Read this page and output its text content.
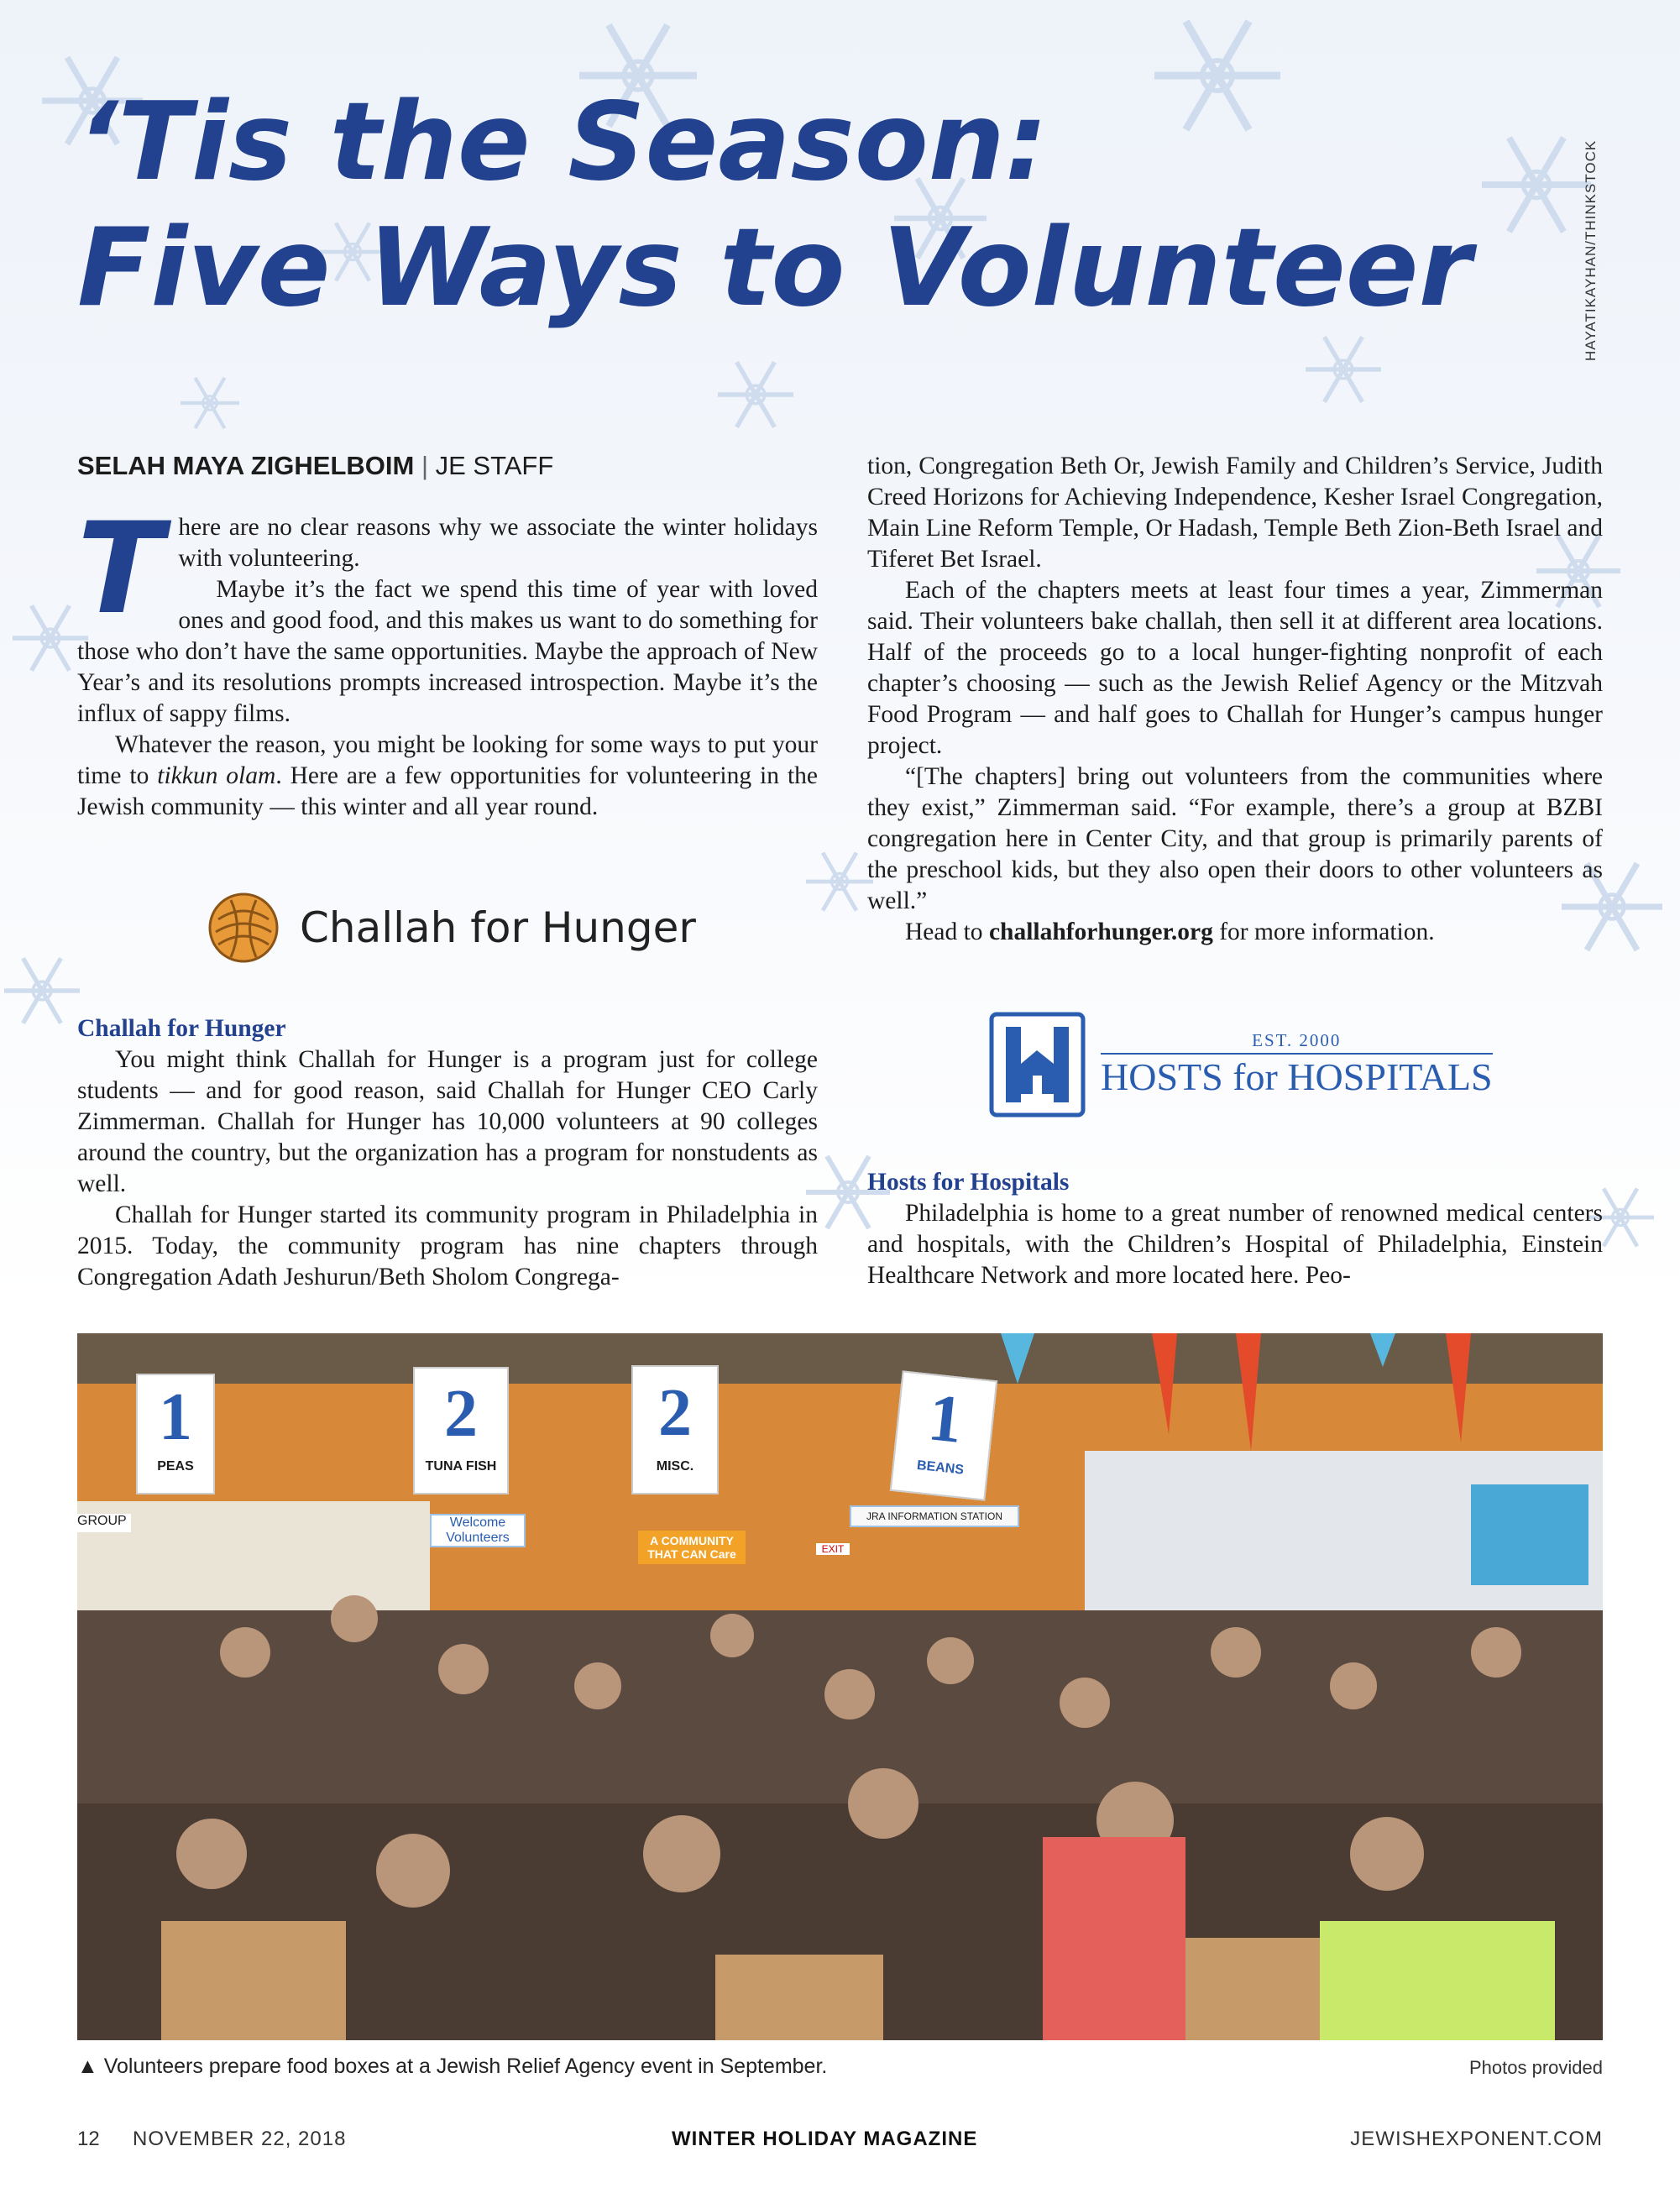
HAYATIKAYHAN/THINKSTOCK
‘Tis the Season:
Five Ways to Volunteer
SELAH MAYA ZIGHELBOIM | JE STAFF
T here are no clear reasons why we associate the winter holidays with volunteering.

Maybe it’s the fact we spend this time of year with loved ones and good food, and this makes us want to do something for those who don’t have the same opportunities. Maybe the approach of New Year’s and its resolutions prompts increased introspection. Maybe it’s the influx of sappy films.

Whatever the reason, you might be looking for some ways to put your time to tikkun olam. Here are a few opportunities for volunteering in the Jewish community — this winter and all year round.

Challah for Hunger

Challah for Hunger

You might think Challah for Hunger is a program just for college students — and for good reason, said Challah for Hunger CEO Carly Zimmerman. Challah for Hunger has 10,000 volunteers at 90 colleges around the country, but the organization has a program for nonstudents as well.

Challah for Hunger started its community program in Philadelphia in 2015. Today, the community program has nine chapters through Congregation Adath Jeshurun/Beth Sholom Congrega-

tion, Congregation Beth Or, Jewish Family and Children’s Service, Judith Creed Horizons for Achieving Independence, Kesher Israel Congregation, Main Line Reform Temple, Or Hadash, Temple Beth Zion-Beth Israel and Tiferet Bet Israel.

Each of the chapters meets at least four times a year, Zimmerman said. Their volunteers bake challah, then sell it at different area locations. Half of the proceeds go to a local hunger-fighting nonprofit of each chapter’s choosing — such as the Jewish Relief Agency or the Mitzvah Food Program — and half goes to Challah for Hunger’s campus hunger project.

“[The chapters] bring out volunteers from the communities where they exist,” Zimmerman said. “For example, there’s a group at BZBI congregation here in Center City, and that group is primarily parents of the preschool kids, but they also open their doors to other volunteers as well.”

Head to challahforhunger.org for more information.

EST. 2000
HOSTS for HOSPITALS

Hosts for Hospitals

Philadelphia is home to a great number of renowned medical centers and hospitals, with the Children’s Hospital of Philadelphia, Einstein Healthcare Network and more located here. Peo-

1
PEAS
2
TUNA FISH
2
MISC.
1
BEANS
GROUP	Welcome Volunteers	A COMMUNITY THAT CAN Care
JRA INFORMATION STATION
EXIT
▲ Volunteers prepare food boxes at a Jewish Relief Agency event in September.	Photos provided
12 NOVEMBER 22, 2018	WINTER HOLIDAY MAGAZINE	JEWISHEXPONENT.COM
